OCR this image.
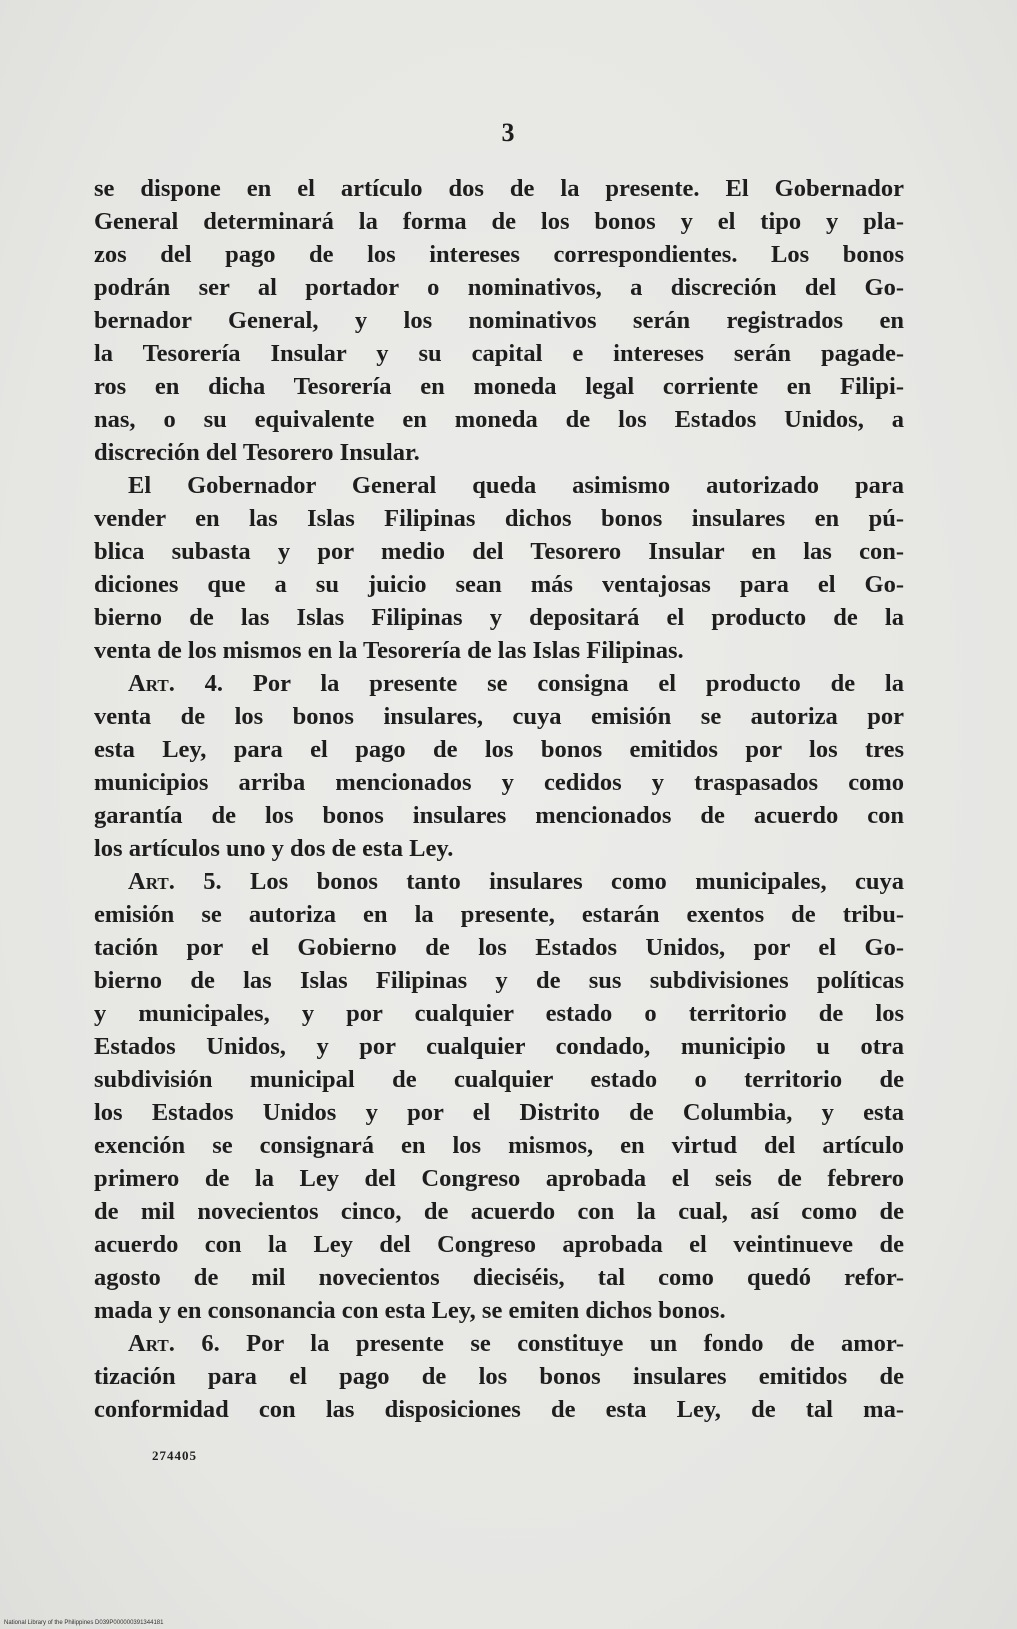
3
se dispone en el artículo dos de la presente. El Gobernador
General determinará la forma de los bonos y el tipo y pla-
zos del pago de los intereses correspondientes. Los bonos
podrán ser al portador o nominativos, a discreción del Go-
bernador General, y los nominativos serán registrados en
la Tesorería Insular y su capital e intereses serán pagade-
ros en dicha Tesorería en moneda legal corriente en Filipi-
nas, o su equivalente en moneda de los Estados Unidos, a
discreción del Tesorero Insular.
El Gobernador General queda asimismo autorizado para
vender en las Islas Filipinas dichos bonos insulares en pú-
blica subasta y por medio del Tesorero Insular en las con-
diciones que a su juicio sean más ventajosas para el Go-
bierno de las Islas Filipinas y depositará el producto de la
venta de los mismos en la Tesorería de las Islas Filipinas.
Art. 4. Por la presente se consigna el producto de la
venta de los bonos insulares, cuya emisión se autoriza por
esta Ley, para el pago de los bonos emitidos por los tres
municipios arriba mencionados y cedidos y traspasados como
garantía de los bonos insulares mencionados de acuerdo con
los artículos uno y dos de esta Ley.
Art. 5. Los bonos tanto insulares como municipales, cuya
emisión se autoriza en la presente, estarán exentos de tribu-
tación por el Gobierno de los Estados Unidos, por el Go-
bierno de las Islas Filipinas y de sus subdivisiones políticas
y municipales, y por cualquier estado o territorio de los
Estados Unidos, y por cualquier condado, municipio u otra
subdivisión municipal de cualquier estado o territorio de
los Estados Unidos y por el Distrito de Columbia, y esta
exención se consignará en los mismos, en virtud del artículo
primero de la Ley del Congreso aprobada el seis de febrero
de mil novecientos cinco, de acuerdo con la cual, así como de
acuerdo con la Ley del Congreso aprobada el veintinueve de
agosto de mil novecientos dieciséis, tal como quedó refor-
mada y en consonancia con esta Ley, se emiten dichos bonos.
Art. 6. Por la presente se constituye un fondo de amor-
tización para el pago de los bonos insulares emitidos de
conformidad con las disposiciones de esta Ley, de tal ma-
274405
National Library of the Philippines D039P000000391344181
